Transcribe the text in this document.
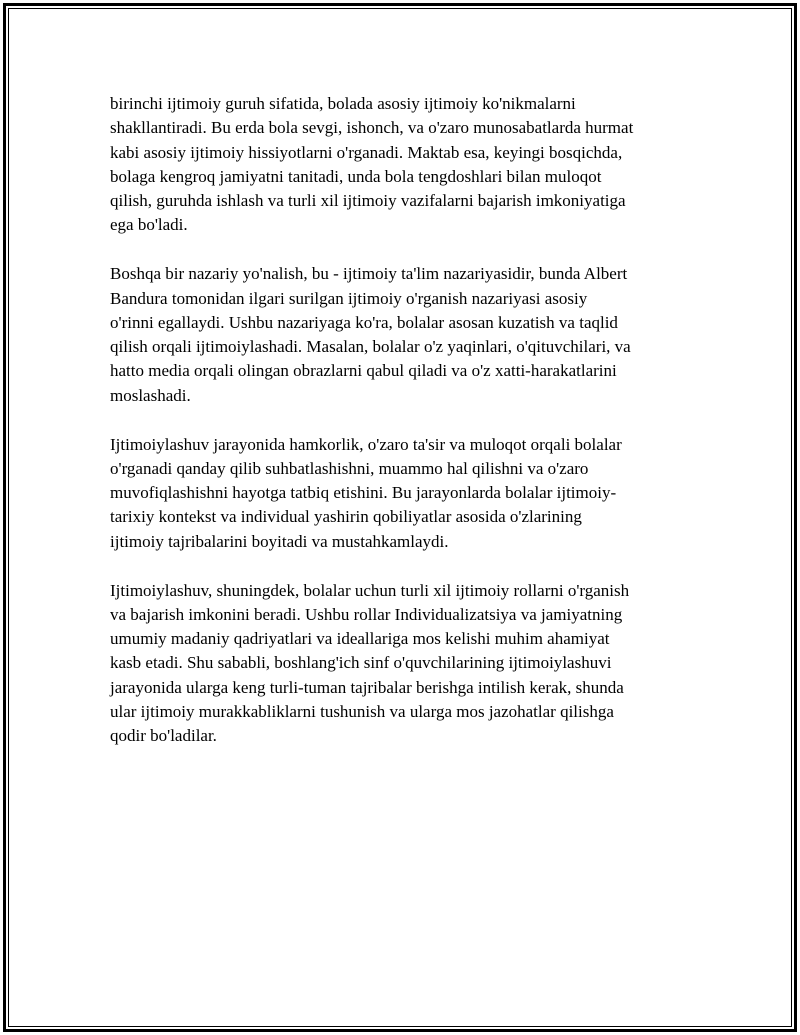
birinchi ijtimoiy guruh sifatida, bolada asosiy ijtimoiy ko'nikmalarni
shakllantiradi. Bu erda bola sevgi, ishonch, va o'zaro munosabatlarda hurmat
kabi asosiy ijtimoiy hissiyotlarni o'rganadi. Maktab esa, keyingi bosqichda,
bolaga kengroq jamiyatni tanitadi, unda bola tengdoshlari bilan muloqot
qilish, guruhda ishlash va turli xil ijtimoiy vazifalarni bajarish imkoniyatiga
ega bo'ladi.

Boshqa bir nazariy yo'nalish, bu - ijtimoiy ta'lim nazariyasidir, bunda Albert
Bandura tomonidan ilgari surilgan ijtimoiy o'rganish nazariyasi asosiy
o'rinni egallaydi. Ushbu nazariyaga ko'ra, bolalar asosan kuzatish va taqlid
qilish orqali ijtimoiylashadi. Masalan, bolalar o'z yaqinlari, o'qituvchilari, va
hatto media orqali olingan obrazlarni qabul qiladi va o'z xatti-harakatlarini
moslashadi.

Ijtimoiylashuv jarayonida hamkorlik, o'zaro ta'sir va muloqot orqali bolalar
o'rganadi qanday qilib suhbatlashishni, muammo hal qilishni va o'zaro
muvofiqlashishni hayotga tatbiq etishini. Bu jarayonlarda bolalar ijtimoiy-
tarixiy kontekst va individual yashirin qobiliyatlar asosida o'zlarining
ijtimoiy tajribalarini boyitadi va mustahkamlaydi.

Ijtimoiylashuv, shuningdek, bolalar uchun turli xil ijtimoiy rollarni o'rganish
va bajarish imkonini beradi. Ushbu rollar Individualizatsiya va jamiyatning
umumiy madaniy qadriyatlari va ideallariga mos kelishi muhim ahamiyat
kasb etadi. Shu sababli, boshlang'ich sinf o'quvchilarining ijtimoiylashuvi
jarayonida ularga keng turli-tuman tajribalar berishga intilish kerak, shunda
ular ijtimoiy murakkabliklarni tushunish va ularga mos jazohatlar qilishga
qodir bo'ladilar.
